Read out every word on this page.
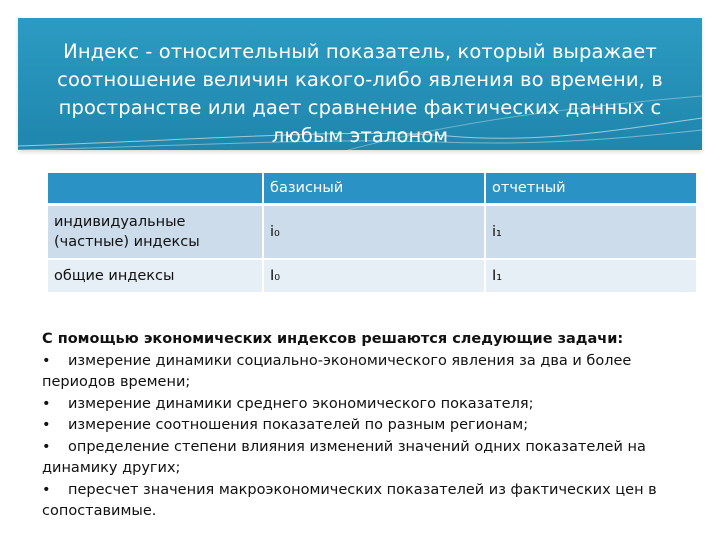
Индекс - относительный показатель, который выражает
соотношение величин какого-либо явления во времени, в
пространстве или дает сравнение фактических данных с
любым эталоном
	базисный	отчетный
индивидуальные (частные) индексы	i₀	i₁
общие индексы	I₀	I₁
С помощью экономических индексов решаются следующие задачи:
• измерение динамики социально-экономического явления за два и более периодов времени;
• измерение динамики среднего экономического показателя;
• измерение соотношения показателей по разным регионам;
• определение степени влияния изменений значений одних показателей на динамику других;
• пересчет значения макроэкономических показателей из фактических цен в сопоставимые.
